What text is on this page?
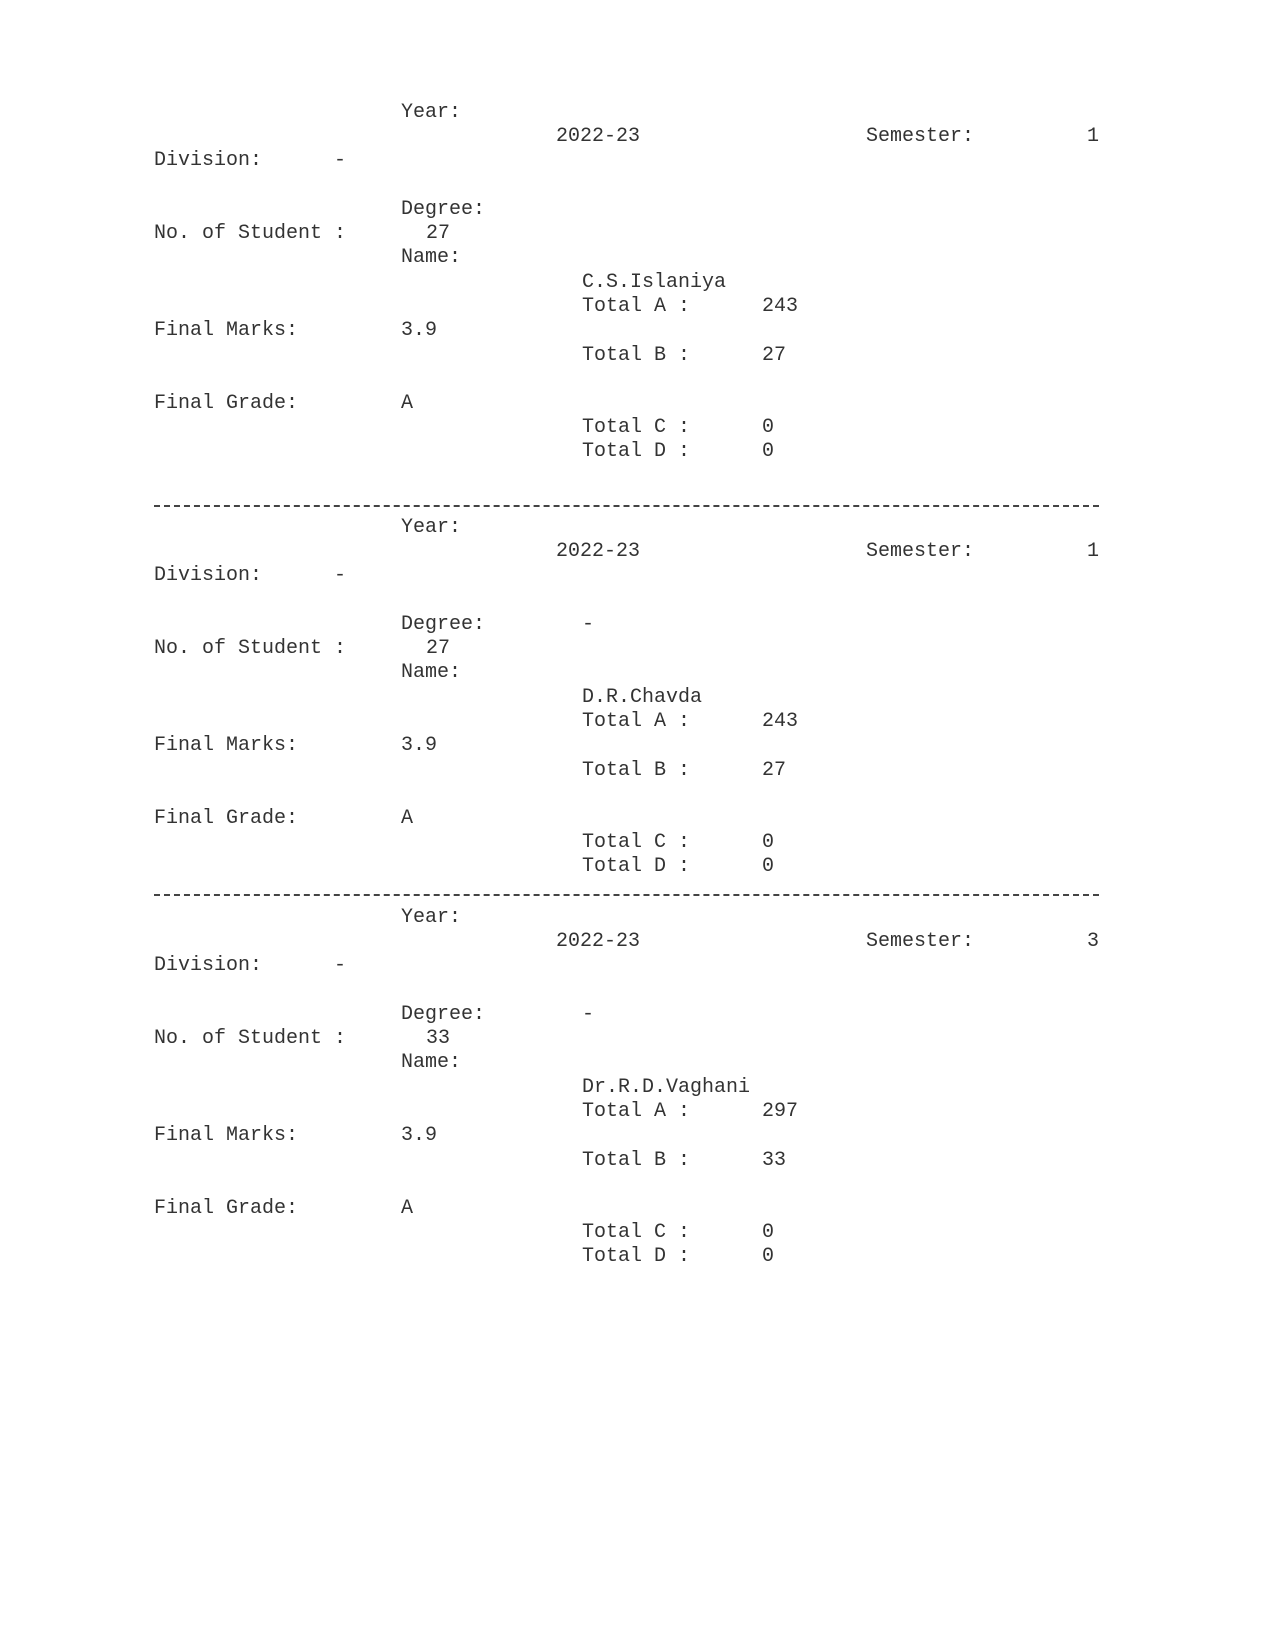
Year:
2022-23	Semester:	1
Division:	-
Degree:
No. of Student :	27
Name:
C.S.Islaniya
Total A :	243
Final Marks:	3.9
Total B :	27
Final Grade:	A
Total C :	0
Total D :	0
Year:
2022-23	Semester:	1
Division:	-
Degree:	-
No. of Student :	27
Name:
D.R.Chavda
Total A :	243
Final Marks:	3.9
Total B :	27
Final Grade:	A
Total C :	0
Total D :	0
Year:
2022-23	Semester:	3
Division:	-
Degree:	-
No. of Student :	33
Name:
Dr.R.D.Vaghani
Total A :	297
Final Marks:	3.9
Total B :	33
Final Grade:	A
Total C :	0
Total D :	0
